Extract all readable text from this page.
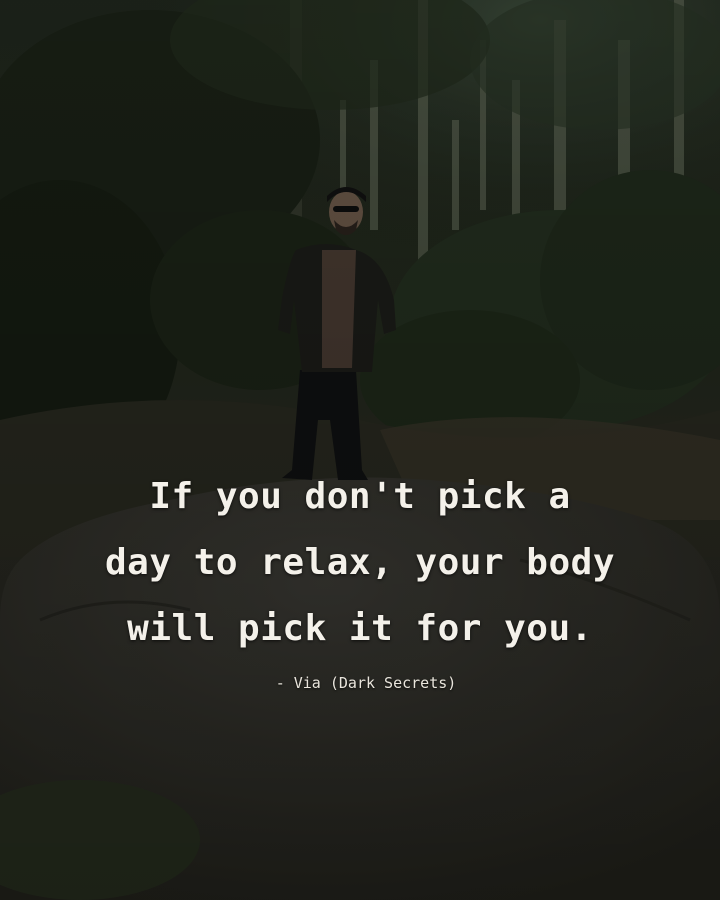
If you don't pick a
day to relax, your body
will pick it for you.
- Via (Dark Secrets)
